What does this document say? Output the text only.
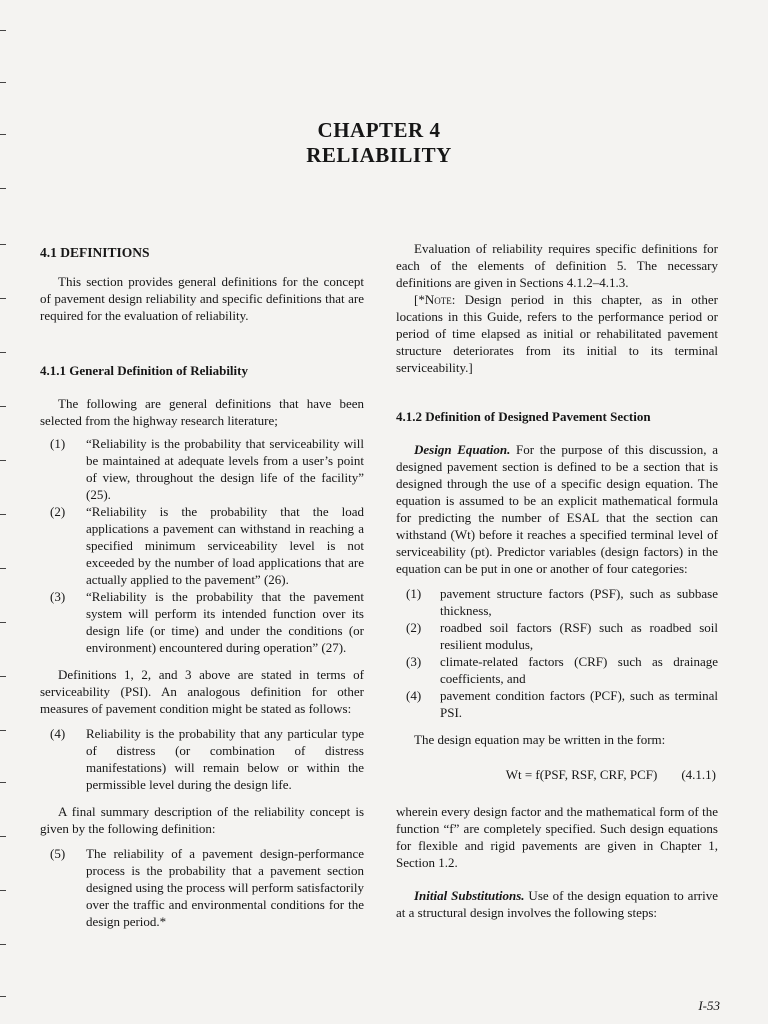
CHAPTER 4
RELIABILITY

4.1 DEFINITIONS

This section provides general definitions for the concept of pavement design reliability and specific definitions that are required for the evaluation of reliability.

4.1.1 General Definition of Reliability

The following are general definitions that have been selected from the highway research literature;

(1)	“Reliability is the probability that serviceability will be maintained at adequate levels from a user’s point of view, throughout the design life of the facility” (25).
(2)	“Reliability is the probability that the load applications a pavement can withstand in reaching a specified minimum serviceability level is not exceeded by the number of load applications that are actually applied to the pavement” (26).
(3)	“Reliability is the probability that the pavement system will perform its intended function over its design life (or time) and under the conditions (or environment) encountered during operation” (27).

Definitions 1, 2, and 3 above are stated in terms of serviceability (PSI). An analogous definition for other measures of pavement condition might be stated as follows:

(4)	Reliability is the probability that any particular type of distress (or combination of distress manifestations) will remain below or within the permissible level during the design life.

A final summary description of the reliability concept is given by the following definition:

(5)	The reliability of a pavement design-performance process is the probability that a pavement section designed using the process will perform satisfactorily over the traffic and environmental conditions for the design period.*

Evaluation of reliability requires specific definitions for each of the elements of definition 5. The necessary definitions are given in Sections 4.1.2–4.1.3.

[*Note: Design period in this chapter, as in other locations in this Guide, refers to the performance period or period of time elapsed as initial or rehabilitated pavement structure deteriorates from its initial to its terminal serviceability.]

4.1.2 Definition of Designed Pavement Section

Design Equation. For the purpose of this discussion, a designed pavement section is defined to be a section that is designed through the use of a specific design equation. The equation is assumed to be an explicit mathematical formula for predicting the number of ESAL that the section can withstand (Wt) before it reaches a specified terminal level of serviceability (pt). Predictor variables (design factors) in the equation can be put in one or another of four categories:

(1)	pavement structure factors (PSF), such as subbase thickness,
(2)	roadbed soil factors (RSF) such as roadbed soil resilient modulus,
(3)	climate-related factors (CRF) such as drainage coefficients, and
(4)	pavement condition factors (PCF), such as terminal PSI.

The design equation may be written in the form:

Wt = f(PSF, RSF, CRF, PCF) (4.1.1)

wherein every design factor and the mathematical form of the function “f” are completely specified. Such design equations for flexible and rigid pavements are given in Chapter 1, Section 1.2.

Initial Substitutions. Use of the design equation to arrive at a structural design involves the following steps:

I-53
